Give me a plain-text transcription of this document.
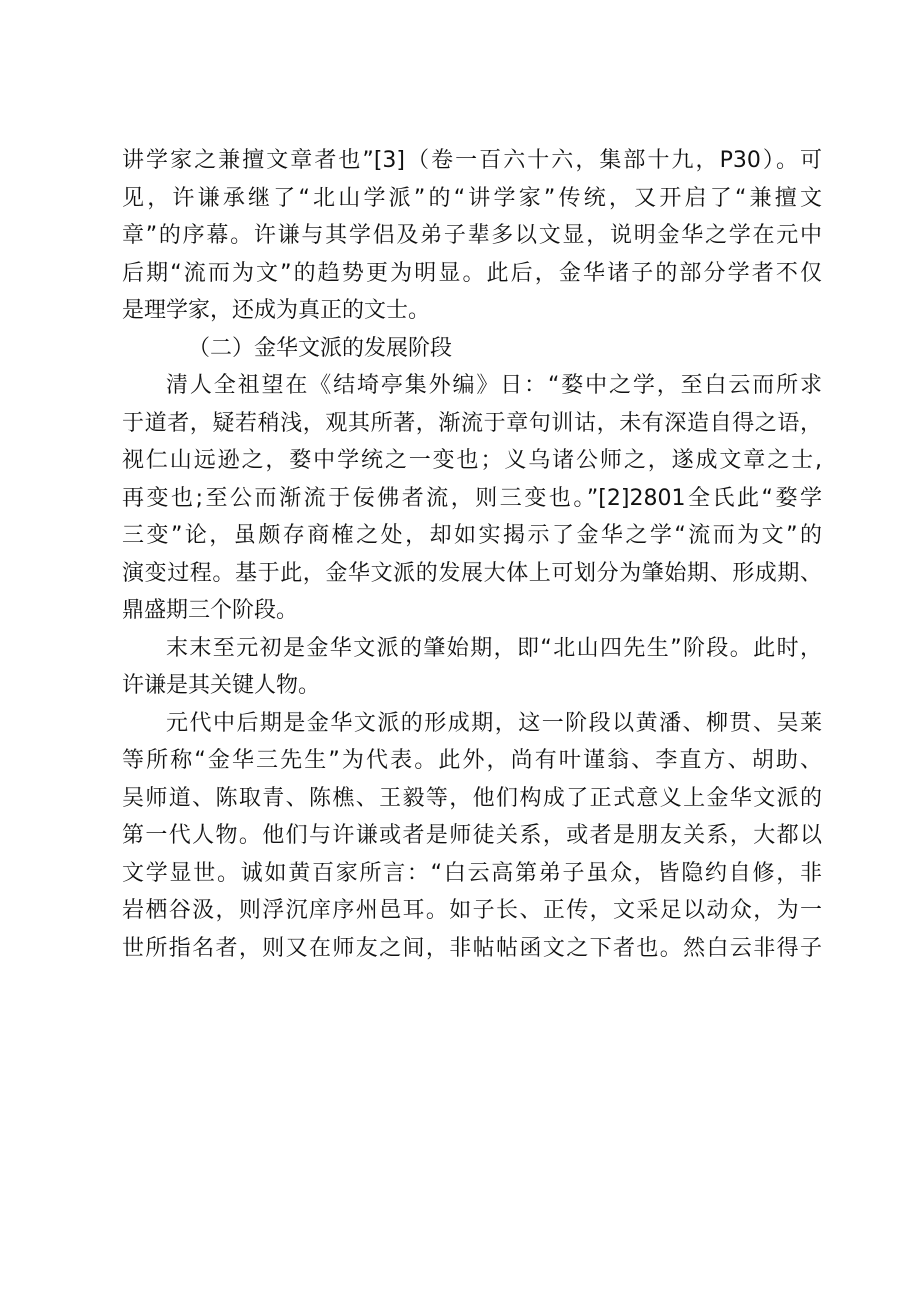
讲学家之兼擅文章者也”[3]（卷一百六十六，集部十九，P30）。可
见，许谦承继了“北山学派”的“讲学家”传统，又开启了“兼擅文
章”的序幕。许谦与其学侣及弟子辈多以文显，说明金华之学在元中
后期“流而为文”的趋势更为明显。此后，金华诸子的部分学者不仅
是理学家，还成为真正的文士。
（二）金华文派的发展阶段
清人全祖望在《结埼亭集外编》日：“婺中之学，至白云而所求
于道者，疑若稍浅，观其所著，渐流于章句训诂，未有深造自得之语，
视仁山远逊之，婺中学统之一变也；义乌诸公师之，遂成文章之士,
再变也;至公而渐流于佞佛者流，则三变也。”[2]2801全氏此“婺学
三变”论，虽颇存商榷之处，却如实揭示了金华之学“流而为文”的
演变过程。基于此，金华文派的发展大体上可划分为肇始期、形成期、
鼎盛期三个阶段。
末末至元初是金华文派的肇始期，即“北山四先生”阶段。此时，
许谦是其关键人物。
元代中后期是金华文派的形成期，这一阶段以黄潘、柳贯、吴莱
等所称“金华三先生”为代表。此外，尚有叶谨翁、李直方、胡助、
吴师道、陈取青、陈樵、王毅等，他们构成了正式意义上金华文派的
第一代人物。他们与许谦或者是师徒关系，或者是朋友关系，大都以
文学显世。诚如黄百家所言：“白云高第弟子虽众，皆隐约自修，非
岩栖谷汲，则浮沉庠序州邑耳。如子长、正传，文采足以动众，为一
世所指名者，则又在师友之间，非帖帖函文之下者也。然白云非得子
